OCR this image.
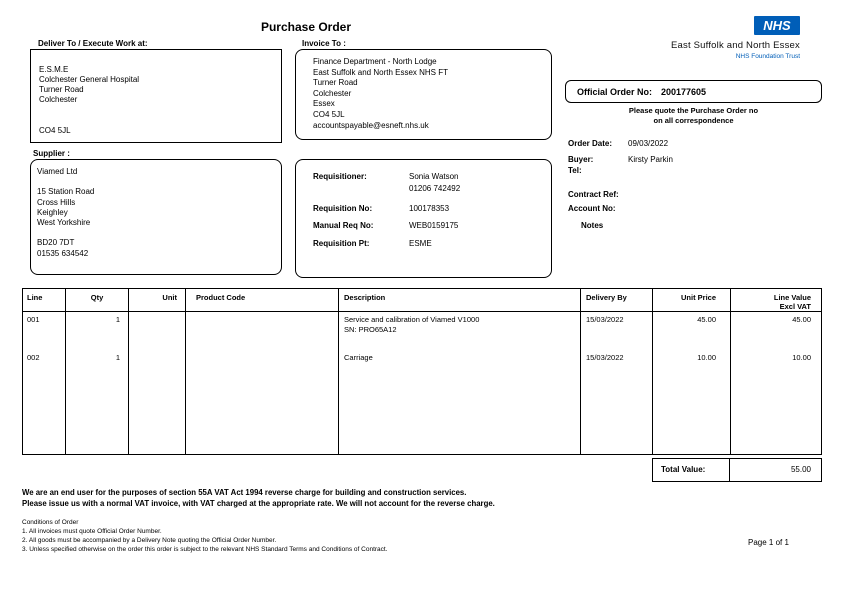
Purchase Order
Deliver To / Execute Work at:
E.S.M.E
Colchester General Hospital
Turner Road
Colchester
CO4 5JL
Invoice To :
Finance Department - North Lodge
East Suffolk and North Essex NHS FT
Turner Road
Colchester
Essex
CO4 5JL
accountspayable@esneft.nhs.uk
NHS
East Suffolk and North Essex
NHS Foundation Trust
Official Order No: 200177605
Please quote the Purchase Order no
on all correspondence
Order Date: 09/03/2022
Buyer:	Kirsty Parkin
Tel:
Contract Ref:
Account No:
Notes
Supplier :
Viamed Ltd

15 Station Road
Cross Hills
Keighley
West Yorkshire

BD20 7DT
01535 634542
Requisitioner:	Sonia Watson
01206 742492
Requisition No:	100178353
Manual Req No:	WEB0159175
Requisition Pt:	ESME
Line	Qty	Unit	Product Code	Description	Delivery By	Unit Price	Line Value
Excl VAT
001
002
1
1
Service and calibration of Viamed V1000
SN: PRO65A12
Carriage
15/03/2022
15/03/2022
45.00
10.00
45.00
10.00
Total Value:	55.00
We are an end user for the purposes of section 55A VAT Act 1994 reverse charge for building and construction services.
Please issue us with a normal VAT invoice, with VAT charged at the appropriate rate. We will not account for the reverse charge.
Conditions of Order
1. All invoices must quote Official Order Number.
2. All goods must be accompanied by a Delivery Note quoting the Official Order Number.
3. Unless specified otherwise on the order this order is subject to the relevant NHS Standard Terms and Conditions of Contract.
Page 1 of 1
